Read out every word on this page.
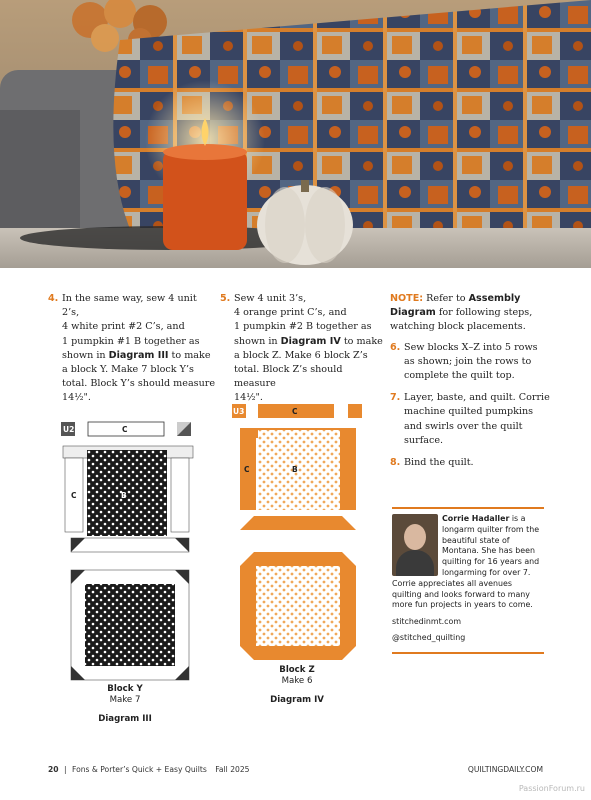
4. In the same way, sew 4 unit 2’s,
4 white print #2 C’s, and
1 pumpkin #1 B together as
shown in Diagram III to make
a block Y. Make 7 block Y’s
total. Block Y’s should measure
14½".
5. Sew 4 unit 3’s,
4 orange print C’s, and
1 pumpkin #2 B together as
shown in Diagram IV to make
a block Z. Make 6 block Z’s
total. Block Z’s should measure
14½".
NOTE: Refer to Assembly Diagram for following steps, watching block placements.
6. Sew blocks X–Z into 5 rows as shown; join the rows to complete the quilt top.
7. Layer, baste, and quilt. Corrie machine quilted pumpkins and swirls over the quilt surface.
8. Bind the quilt.
U2	C
C	B
Block Y
Make 7
Diagram III
U3	C
C	B
Block Z
Make 6
Diagram IV
Corrie Hadaller is a longarm quilter from the beautiful state of Montana. She has been quilting for 16 years and longarming for over 7. Corrie appreciates all avenues quilting and looks forward to many more fun projects in years to come.
stitchedinmt.com
@stitched_quilting
20 | Fons & Porter’s Quick + Easy Quilts Fall 2025	QUILTINGDAILY.COM
PassionForum.ru
